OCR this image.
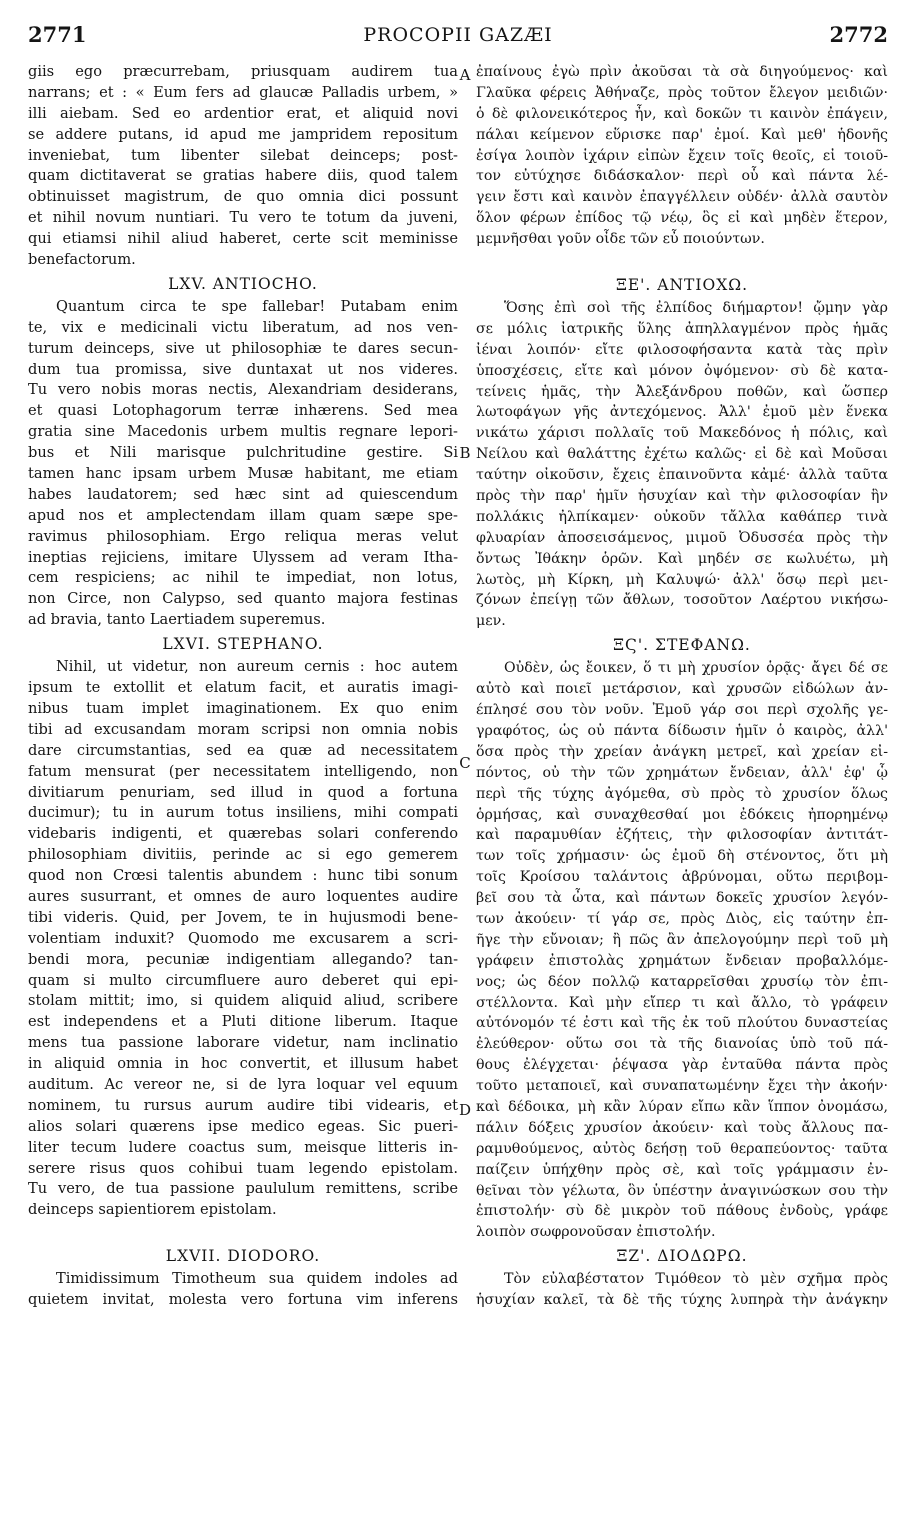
2771	PROCOPII GAZÆI	2772
A
B
C
D
giis ego præcurrebam, priusquam audirem tua
narrans; et : « Eum fers ad glaucæ Palladis urbem, »
illi aiebam. Sed eo ardentior erat, et aliquid novi
se addere putans, id apud me jampridem repositum
inveniebat, tum libenter silebat deinceps; post-
quam dictitaverat se gratias habere diis, quod talem
obtinuisset magistrum, de quo omnia dici possunt
et nihil novum nuntiari. Tu vero te totum da juveni,
qui etiamsi nihil aliud haberet, certe scit meminisse
benefactorum.
LXV. ANTIOCHO.
Quantum circa te spe fallebar! Putabam enim
te, vix e medicinali victu liberatum, ad nos ven-
turum deinceps, sive ut philosophiæ te dares secun-
dum tua promissa, sive duntaxat ut nos videres.
Tu vero nobis moras nectis, Alexandriam desiderans,
et quasi Lotophagorum terræ inhærens. Sed mea
gratia sine Macedonis urbem multis regnare lepori-
bus et Nili marisque pulchritudine gestire. Si
tamen hanc ipsam urbem Musæ habitant, me etiam
habes laudatorem; sed hæc sint ad quiescendum
apud nos et amplectendam illam quam sæpe spe-
ravimus philosophiam. Ergo reliqua meras velut
ineptias rejiciens, imitare Ulyssem ad veram Itha-
cem respiciens; ac nihil te impediat, non lotus,
non Circe, non Calypso, sed quanto majora festinas
ad bravia, tanto Laertiadem superemus.
LXVI. STEPHANO.
Nihil, ut videtur, non aureum cernis : hoc autem
ipsum te extollit et elatum facit, et auratis imagi-
nibus tuam implet imaginationem. Ex quo enim
tibi ad excusandam moram scripsi non omnia nobis
dare circumstantias, sed ea quæ ad necessitatem
fatum mensurat (per necessitatem intelligendo, non
divitiarum penuriam, sed illud in quod a fortuna
ducimur); tu in aurum totus insiliens, mihi compati
videbaris indigenti, et quærebas solari conferendo
philosophiam divitiis, perinde ac si ego gemerem
quod non Crœsi talentis abundem : hunc tibi sonum
aures susurrant, et omnes de auro loquentes audire
tibi videris. Quid, per Jovem, te in hujusmodi bene-
volentiam induxit? Quomodo me excusarem a scri-
bendi mora, pecuniæ indigentiam allegando? tan-
quam si multo circumfluere auro deberet qui epi-
stolam mittit; imo, si quidem aliquid aliud, scribere
est independens et a Pluti ditione liberum. Itaque
mens tua passione laborare videtur, nam inclinatio
in aliquid omnia in hoc convertit, et illusum habet
auditum. Ac vereor ne, si de lyra loquar vel equum
nominem, tu rursus aurum audire tibi videaris, et
alios solari quærens ipse medico egeas. Sic pueri-
liter tecum ludere coactus sum, meisque litteris in-
serere risus quos cohibui tuam legendo epistolam.
Tu vero, de tua passione paululum remittens, scribe
deinceps sapientiorem epistolam.
LXVII. DIODORO.
Timidissimum Timotheum sua quidem indoles ad
quietem invitat, molesta vero fortuna vim inferens
ἐπαίνους ἐγὼ πρὶν ἀκοῦσαι τὰ σὰ διηγούμενος· καὶ
Γλαῦκα φέρεις Ἀθήναζε, πρὸς τοῦτον ἔλεγον μειδιῶν·
ὁ δὲ φιλονεικότερος ἦν, καὶ δοκῶν τι καινὸν ἐπάγειν,
πάλαι κείμενον εὕρισκε παρ' ἐμοί. Καὶ μεθ' ἡδονῆς
ἐσίγα λοιπὸν ἱχάριν εἰπὼν ἔχειν τοῖς θεοῖς, εἰ τοιοῦ-
τον εὐτύχησε διδάσκαλον· περὶ οὗ καὶ πάντα λέ-
γειν ἔστι καὶ καινὸν ἐπαγγέλλειν οὐδέν· ἀλλὰ σαυτὸν
ὅλον φέρων ἐπίδος τῷ νέῳ, ὃς εἰ καὶ μηδὲν ἕτερον,
μεμνῆσθαι γοῦν οἶδε τῶν εὖ ποιούντων.
ΞΕ'. ΑΝΤΙΟΧΩ.
Ὅσης ἐπὶ σοὶ τῆς ἐλπίδος διήμαρτον! ᾤμην γὰρ
σε μόλις ἰατρικῆς ὕλης ἀπηλλαγμένον πρὸς ἡμᾶς
ἰέναι λοιπόν· εἴτε φιλοσοφήσαντα κατὰ τὰς πρὶν
ὑποσχέσεις, εἴτε καὶ μόνον ὀψόμενον· σὺ δὲ κατα-
τείνεις ἡμᾶς, τὴν Ἀλεξάνδρου ποθῶν, καὶ ὥσπερ
λωτοφάγων γῆς ἀντεχόμενος. Ἀλλ' ἐμοῦ μὲν ἕνεκα
νικάτω χάρισι πολλαῖς τοῦ Μακεδόνος ἡ πόλις, καὶ
Νείλου καὶ θαλάττης ἐχέτω καλῶς· εἰ δὲ καὶ Μοῦσαι
ταύτην οἰκοῦσιν, ἔχεις ἐπαινοῦντα κἀμέ· ἀλλὰ ταῦτα
πρὸς τὴν παρ' ἡμῖν ἡσυχίαν καὶ τὴν φιλοσοφίαν ἣν
πολλάκις ἠλπίκαμεν· οὐκοῦν τἄλλα καθάπερ τινὰ
φλυαρίαν ἀποσεισάμενος, μιμοῦ Ὀδυσσέα πρὸς τὴν
ὄντως Ἰθάκην ὁρῶν. Καὶ μηδέν σε κωλυέτω, μὴ
λωτὸς, μὴ Κίρκη, μὴ Καλυψώ· ἀλλ' ὅσῳ περὶ μει-
ζόνων ἐπείγῃ τῶν ἄθλων, τοσοῦτον Λαέρτου νικήσω-
μεν.
ΞϚ'. ΣΤΕΦΑΝΩ.
Οὐδὲν, ὡς ἔοικεν, ὅ τι μὴ χρυσίον ὁρᾷς· ἄγει δέ σε
αὐτὸ καὶ ποιεῖ μετάρσιον, καὶ χρυσῶν εἰδώλων ἀν-
έπλησέ σου τὸν νοῦν. Ἐμοῦ γάρ σοι περὶ σχολῆς γε-
γραφότος, ὡς οὐ πάντα δίδωσιν ἡμῖν ὁ καιρὸς, ἀλλ'
ὅσα πρὸς τὴν χρείαν ἀνάγκη μετρεῖ, καὶ χρείαν εἰ-
πόντος, οὐ τὴν τῶν χρημάτων ἔνδειαν, ἀλλ' ἐφ' ᾧ
περὶ τῆς τύχης ἀγόμεθα, σὺ πρὸς τὸ χρυσίον ὅλως
ὁρμήσας, καὶ συναχθεσθαί μοι ἐδόκεις ἠπορημένῳ
καὶ παραμυθίαν ἐζήτεις, τὴν φιλοσοφίαν ἀντιτάτ-
των τοῖς χρήμασιν· ὡς ἐμοῦ δὴ στένοντος, ὅτι μὴ
τοῖς Κροίσου ταλάντοις ἁβρύνομαι, οὕτω περιβομ-
βεῖ σου τὰ ὦτα, καὶ πάντων δοκεῖς χρυσίον λεγόν-
των ἀκούειν· τί γάρ σε, πρὸς Διὸς, εἰς ταύτην ἐπ-
ῆγε τὴν εὔνοιαν; ἢ πῶς ἂν ἀπελογούμην περὶ τοῦ μὴ
γράφειν ἐπιστολὰς χρημάτων ἔνδειαν προβαλλόμε-
νος; ὡς δέον πολλῷ καταρρεῖσθαι χρυσίῳ τὸν ἐπι-
στέλλοντα. Καὶ μὴν εἴπερ τι καὶ ἄλλο, τὸ γράφειν
αὐτόνομόν τέ ἐστι καὶ τῆς ἐκ τοῦ πλούτου δυναστείας
ἐλεύθερον· οὕτω σοι τὰ τῆς διανοίας ὑπὸ τοῦ πά-
θους ἐλέγχεται· ῥέψασα γὰρ ἐνταῦθα πάντα πρὸς
τοῦτο μεταποιεῖ, καὶ συναπατωμένην ἔχει τὴν ἀκοήν·
καὶ δέδοικα, μὴ κἂν λύραν εἴπω κἂν ἵππον ὀνομάσω,
πάλιν δόξεις χρυσίον ἀκούειν· καὶ τοὺς ἄλλους πα-
ραμυθούμενος, αὐτὸς δεήσῃ τοῦ θεραπεύοντος· ταῦτα
παίζειν ὑπήχθην πρὸς σὲ, καὶ τοῖς γράμμασιν ἐν-
θεῖναι τὸν γέλωτα, ὃν ὑπέστην ἀναγινώσκων σου τὴν
ἐπιστολήν· σὺ δὲ μικρὸν τοῦ πάθους ἐνδοὺς, γράφε
λοιπὸν σωφρονοῦσαν ἐπιστολήν.
ΞΖ'. ΔΙΟΔΩΡΩ.
Τὸν εὐλαβέστατον Τιμόθεον τὸ μὲν σχῆμα πρὸς
ἡσυχίαν καλεῖ, τὰ δὲ τῆς τύχης λυπηρὰ τὴν ἀνάγκην
